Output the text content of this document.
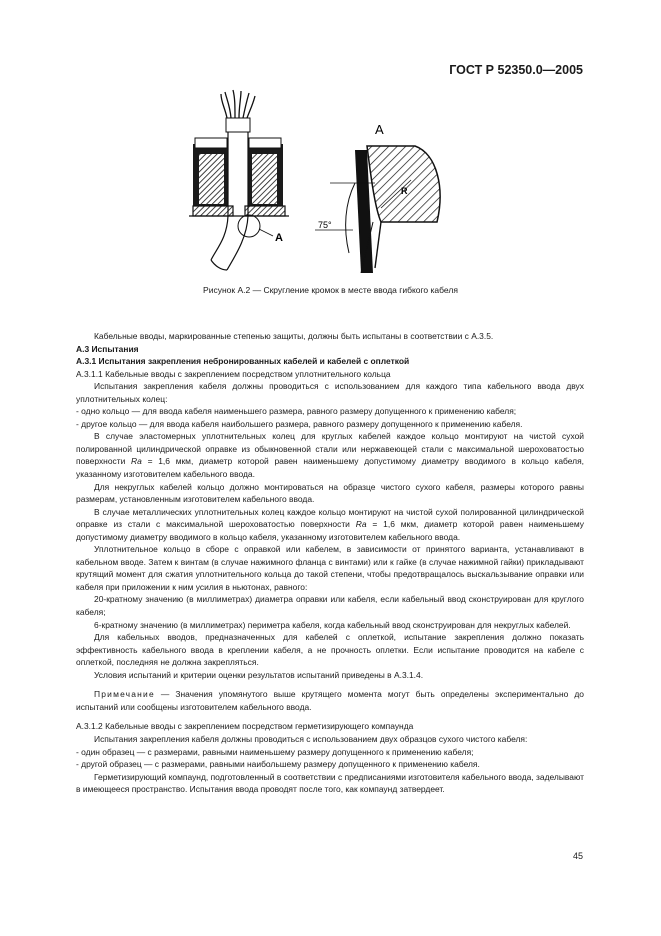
ГОСТ Р 52350.0—2005
A
A
R
75°
Рисунок А.2 — Скругление кромок в месте ввода гибкого кабеля

Кабельные вводы, маркированные степенью защиты, должны быть испытаны в соответствии с А.3.5.

А.3 Испытания

А.3.1 Испытания закрепления небронированных кабелей и кабелей с оплеткой

А.3.1.1 Кабельные вводы с закреплением посредством уплотнительного кольца

Испытания закрепления кабеля должны проводиться с использованием для каждого типа кабельного ввода двух уплотнительных колец:

- одно кольцо — для ввода кабеля наименьшего размера, равного размеру допущенного к применению кабеля;

- другое кольцо — для ввода кабеля наибольшего размера, равного размеру допущенного к применению кабеля.

В случае эластомерных уплотнительных колец для круглых кабелей каждое кольцо монтируют на чистой сухой полированной цилиндрической оправке из обыкновенной стали или нержавеющей стали с максимальной шероховатостью поверхности Ra = 1,6 мкм, диаметр которой равен наименьшему допустимому диаметру вводимого в кольцо кабеля, указанному изготовителем кабельного ввода.

Для некруглых кабелей кольцо должно монтироваться на образце чистого сухого кабеля, размеры которого равны размерам, установленным изготовителем кабельного ввода.

В случае металлических уплотнительных колец каждое кольцо монтируют на чистой сухой полированной цилиндрической оправке из стали с максимальной шероховатостью поверхности Ra = 1,6 мкм, диаметр которой равен наименьшему допустимому диаметру вводимого в кольцо кабеля, указанному изготовителем кабельного ввода.

Уплотнительное кольцо в сборе с оправкой или кабелем, в зависимости от принятого варианта, устанавливают в кабельном вводе. Затем к винтам (в случае нажимного фланца с винтами) или к гайке (в случае нажимной гайки) прикладывают крутящий момент для сжатия уплотнительного кольца до такой степени, чтобы предотвращалось выскальзывание оправки или кабеля при приложении к ним усилия в ньютонах, равного:

20-кратному значению (в миллиметрах) диаметра оправки или кабеля, если кабельный ввод сконструирован для круглого кабеля;

6-кратному значению (в миллиметрах) периметра кабеля, когда кабельный ввод сконструирован для некруглых кабелей.

Для кабельных вводов, предназначенных для кабелей с оплеткой, испытание закрепления должно показать эффективность кабельного ввода в креплении кабеля, а не прочность оплетки. Если испытание проводится на кабеле с оплеткой, последняя не должна закрепляться.

Условия испытаний и критерии оценки результатов испытаний приведены в А.3.1.4.

Примечание — Значения упомянутого выше крутящего момента могут быть определены экспериментально до испытаний или сообщены изготовителем кабельного ввода.

А.3.1.2 Кабельные вводы с закреплением посредством герметизирующего компаунда

Испытания закрепления кабеля должны проводиться с использованием двух образцов сухого чистого кабеля:

- один образец — с размерами, равными наименьшему размеру допущенного к применению кабеля;

- другой образец — с размерами, равными наибольшему размеру допущенного к применению кабеля.

Герметизирующий компаунд, подготовленный в соответствии с предписаниями изготовителя кабельного ввода, заделывают в имеющееся пространство. Испытания ввода проводят после того, как компаунд затвердеет.

45
